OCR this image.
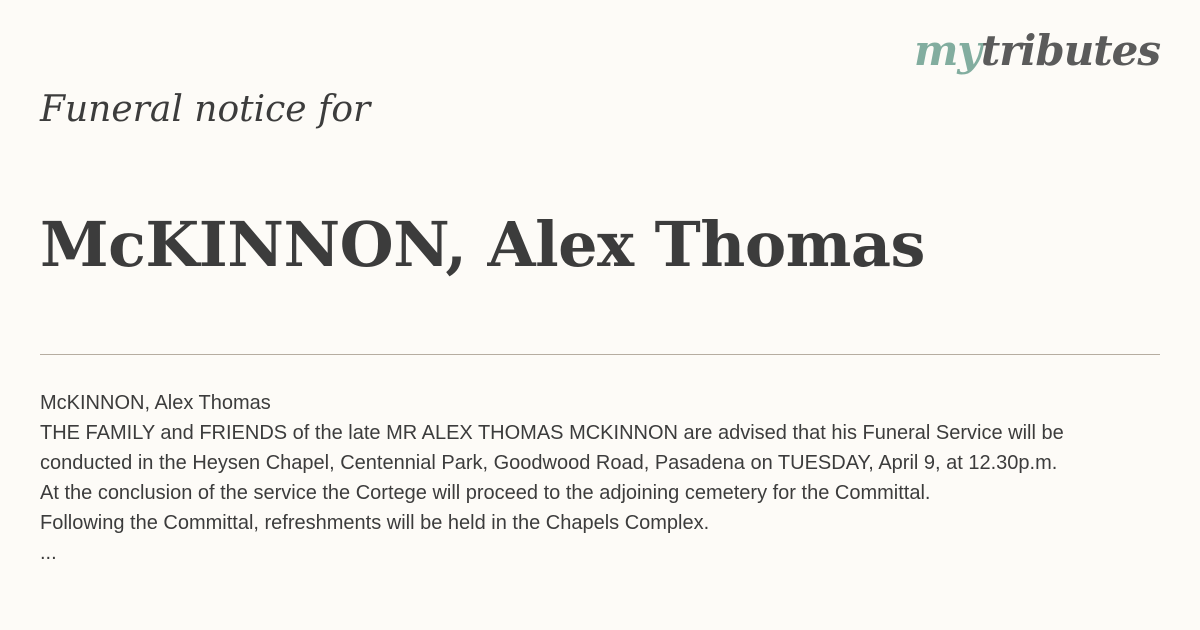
mytributes
Funeral notice for
McKINNON, Alex Thomas
McKINNON, Alex Thomas
THE FAMILY and FRIENDS of the late MR ALEX THOMAS MCKINNON are advised that his Funeral Service will be
conducted in the Heysen Chapel, Centennial Park, Goodwood Road, Pasadena on TUESDAY, April 9, at 12.30p.m.
At the conclusion of the service the Cortege will proceed to the adjoining cemetery for the Committal.
Following the Committal, refreshments will be held in the Chapels Complex.
...
